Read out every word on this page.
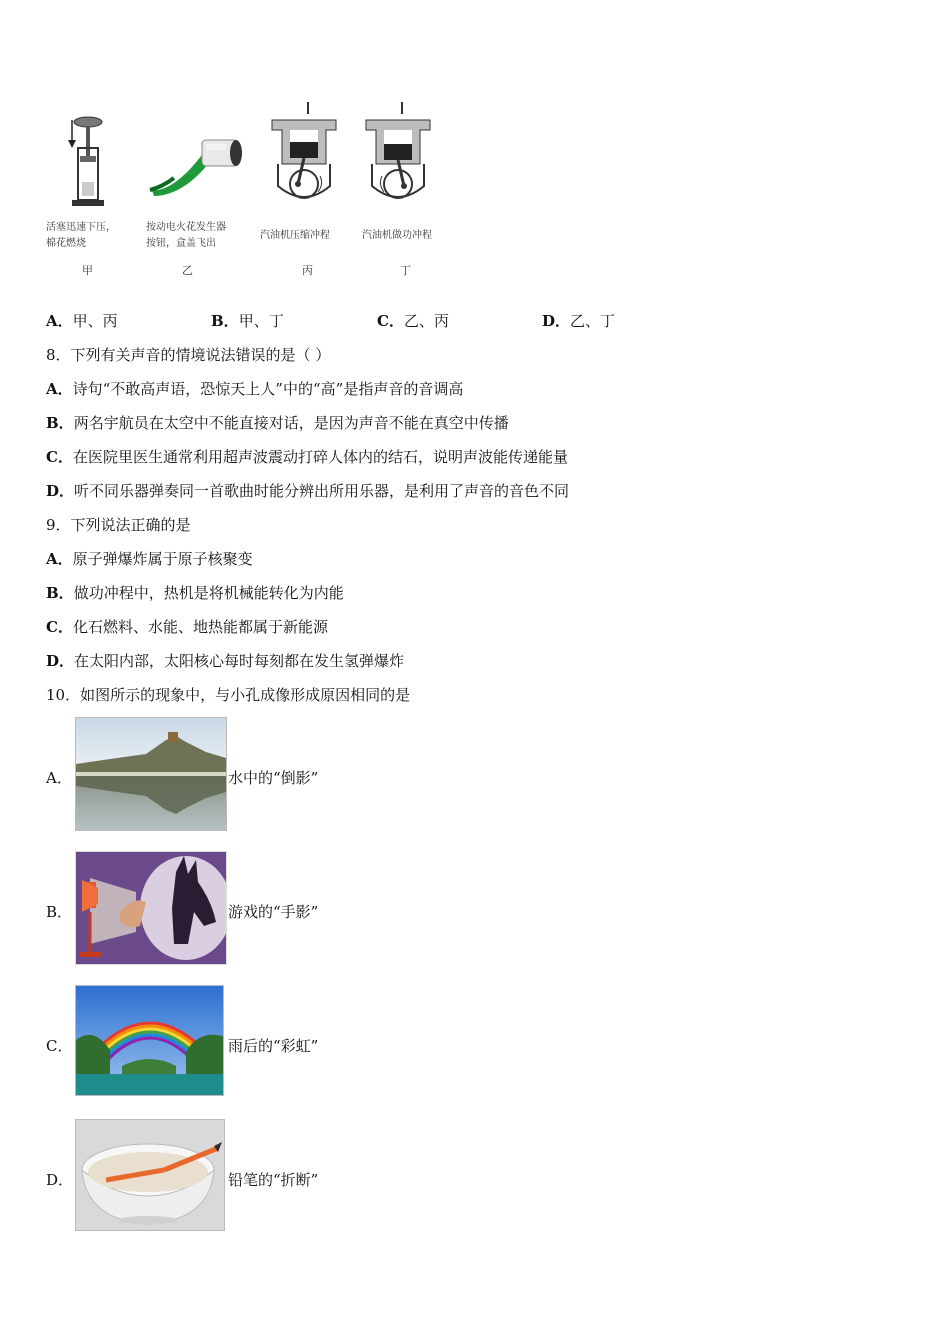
活塞迅速下压，
棉花燃烧
甲
按动电火花发生器
按钮，盒盖飞出
乙
汽油机压缩冲程
丙
汽油机做功冲程
丁
A．甲、丙	B．甲、丁	C．乙、丙	D．乙、丁
8．下列有关声音的情境说法错误的是（ ）
A．诗句“不敢高声语，恐惊天上人”中的“高”是指声音的音调高
B．两名宇航员在太空中不能直接对话，是因为声音不能在真空中传播
C．在医院里医生通常利用超声波震动打碎人体内的结石，说明声波能传递能量
D．听不同乐器弹奏同一首歌曲时能分辨出所用乐器，是利用了声音的音色不同
9．下列说法正确的是
A．原子弹爆炸属于原子核聚变
B．做功冲程中，热机是将机械能转化为内能
C．化石燃料、水能、地热能都属于新能源
D．在太阳内部，太阳核心每时每刻都在发生氢弹爆炸
10．如图所示的现象中，与小孔成像形成原因相同的是
A．	水中的“倒影”
B．	游戏的“手影”
C．	雨后的“彩虹”
D．	铅笔的“折断”
